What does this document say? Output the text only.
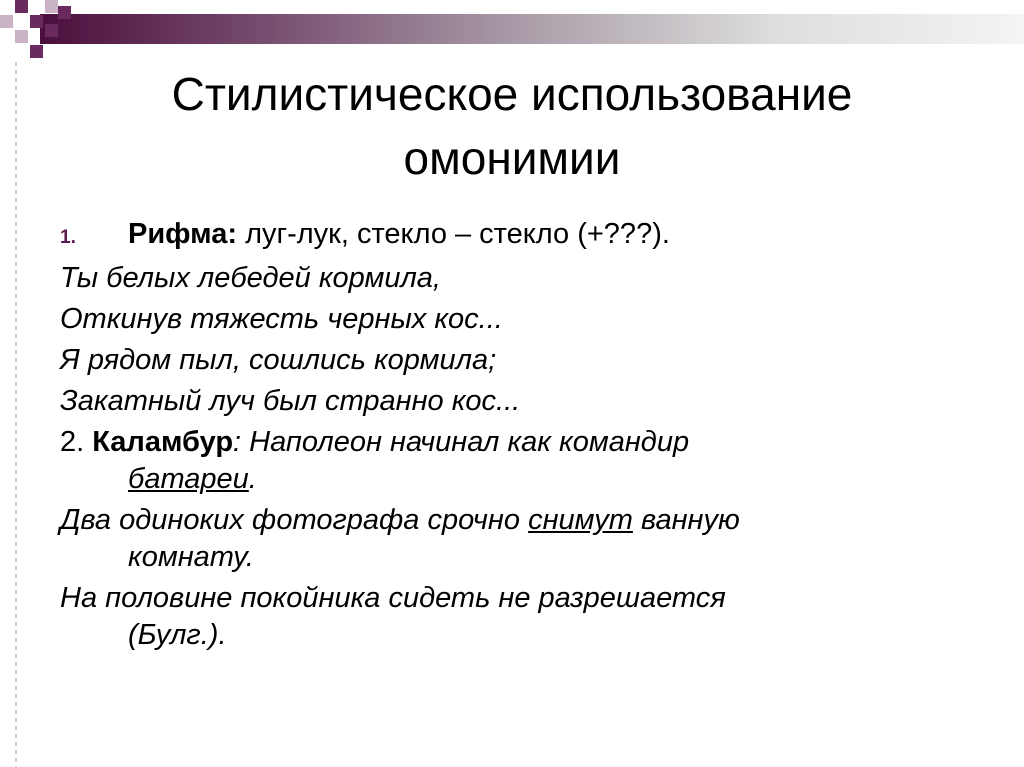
Стилистическое использование
омонимии
1. Рифма: луг-лук, стекло – стекло (+???).
Ты белых лебедей кормила,
Откинув тяжесть черных кос...
Я рядом пыл, сошлись кормила;
Закатный луч был странно кос...
2. Каламбур: Наполеон начинал как командир
батареи.
Два одиноких фотографа срочно снимут ванную
комнату.
На половине покойника сидеть не разрешается
(Булг.).
